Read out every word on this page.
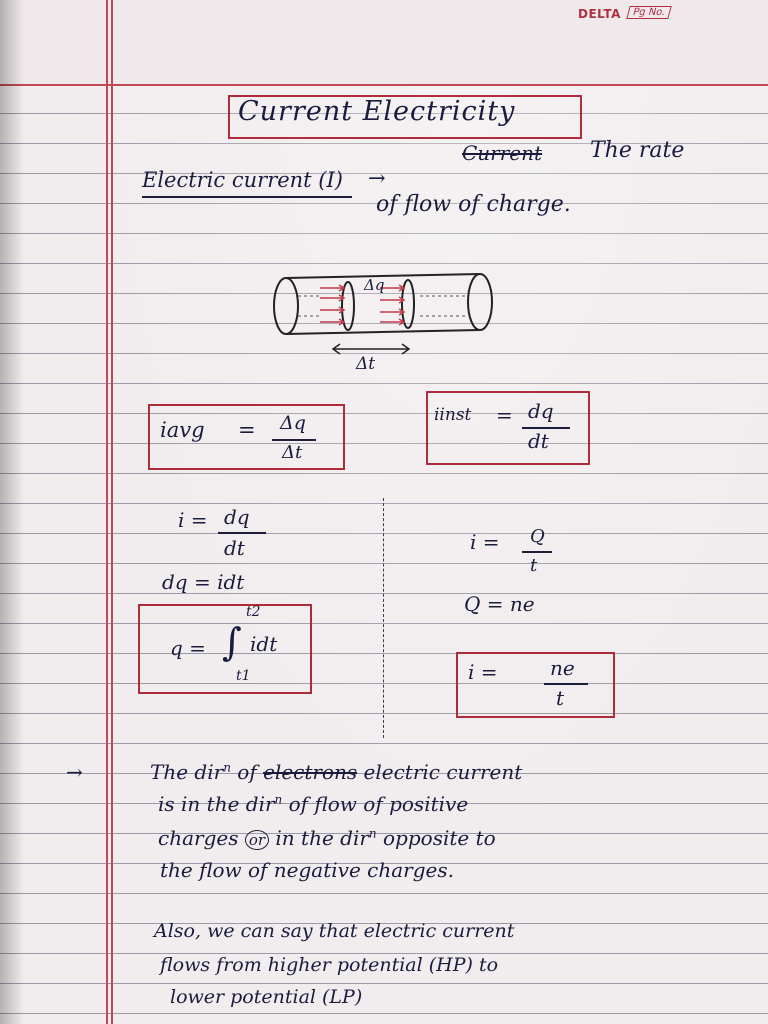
DELTA	Pg No.
Current Electricity
Electric current (I) →
Current The rate
of flow of charge.
Δq
Δt
iavg = Δq
Δt
iinst = dq
dt
i = dq
dt
dq = idt
q =
t2
∫ idt
t1
i = Q
t
Q = ne
i =	ne
t
→	The dir$^n$ of electrons electric current
is in the dir$^n$ of flow of positive
charges or in the dir$^n$ opposite to
the flow of negative charges.
Also, we can say that electric current
flows from higher potential (HP) to
lower potential (LP)
